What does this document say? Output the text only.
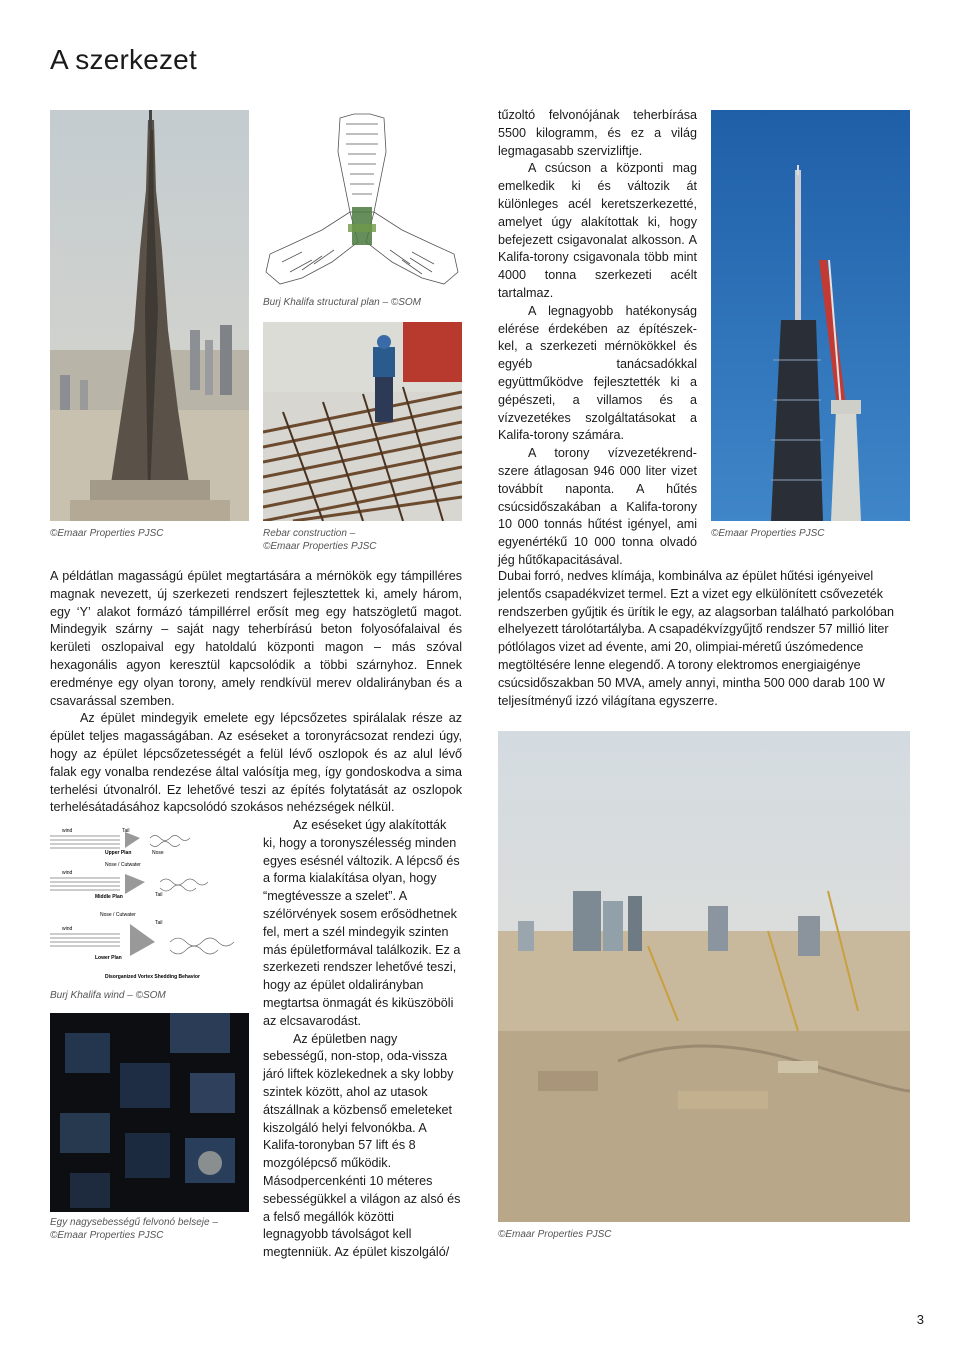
A szerkezet
©Emaar Properties PJSC
Burj Khalifa structural plan – ©SOM
Rebar construction –
©Emaar Properties PJSC

A példátlan magasságú épület megtartására a mérnökök egy támpilléres magnak nevezett, új szerkezeti rendszert fejlesztettek ki, amely három, egy ‘Y’ alakot formázó támpillérrel erősít meg egy hatszögletű magot. Mindegyik szárny – saját nagy teherbírású beton folyosófalaival és kerületi oszlopaival egy hatoldalú központi magon – más szóval hexagonális agyon keresztül kapcsolódik a többi szárnyhoz. Ennek eredménye egy olyan torony, amely rendkívül merev oldalirányban és a csavarással szemben.

Az épület mindegyik emelete egy lépcsőzetes spirálalak része az épület teljes magasságában. Az eséseket a toronyrácsozat rendezi úgy, hogy az épület lépcsőzetességét a felül lévő oszlopok és az alul lévő falak egy vonalba rendezése által valósítja meg, így gondoskodva a sima terhelési útvonalról. Ez lehetővé teszi az építés folytatását az oszlopok terhelésátadásához kapcsolódó szokásos nehézségek nélkül.

wind
wind
wind
Upper Plan
Nose / Cutwater
Middle Plan
Nose / Cutwater
Lower Plan
Tail
Nose
Tail
Tail
Disorganized Vortex Shedding Behavior
Burj Khalifa wind – ©SOM
Egy nagysebességű felvonó belseje –
©Emaar Properties PJSC

Az eséseket úgy alakították ki, hogy a toronyszélesség minden egyes esésnél változik. A lépcső és a forma kialakítása olyan, hogy “megtévessze a szelet”. A szélörvények sosem erősödhetnek fel, mert a szél mindegyik szinten más épületformával találkozik. Ez a szerkezeti rendszer lehetővé teszi, hogy az épület oldalirányban megtartsa önmagát és kiküszöböli az elcsavarodást.

Az épületben nagy sebességű, non-stop, oda-vissza járó liftek közlekednek a sky lobby szintek között, ahol az utasok átszállnak a közbenső emeleteket kiszolgáló helyi felvonókba. A Kalifa-toronyban 57 lift és 8 mozgólépcső működik. Másodpercenkénti 10 méteres sebességükkel a világon az alsó és a felső megállók közötti legnagyobb távolságot kell megtenniük. Az épület kiszolgáló/

tűzoltó felvonójának teherbírása 5500 kilogramm, és ez a világ legmagasabb szervizliftje.

A csúcson a központi mag emelkedik ki és változik át különleges acél keretszerkezetté, amelyet úgy alakítottak ki, hogy befejezett csigavonalat alkosson. A Kalifa-torony csigavonala több mint 4000 tonna szerkezeti acélt tartalmaz.

A legnagyobb hatékonyság elérése érdekében az építészek-kel, a szerkezeti mérnökökkel és egyéb tanácsadókkal együttműködve fejlesztették ki a gépészeti, a villamos és a vízvezetékes szolgáltatásokat a Kalifa-torony számára.

A torony vízvezetékrend-szere átlagosan 946 000 liter vizet továbbít naponta. A hűtés csúcsidőszakában a Kalifa-torony 10 000 tonnás hűtést igényel, ami egyenértékű 10 000 tonna olvadó jég hűtőkapacitásával.

©Emaar Properties PJSC

Dubai forró, nedves klímája, kombinálva az épület hűtési igényeivel jelentős csapadékvizet termel. Ezt a vizet egy elkülönített csővezeték rendszerben gyűjtik és ürítik le egy, az alagsorban található parkolóban elhelyezett tárolótartályba. A csapadékvízgyűjtő rendszer 57 millió liter pótlólagos vizet ad évente, ami 20, olimpiai-méretű úszómedence megtöltésére lenne elegendő. A torony elektromos energiaigénye csúcsidőszakban 50 MVA, amely annyi, mintha 500 000 darab 100 W teljesítményű izzó világítana egyszerre.

©Emaar Properties PJSC
3
